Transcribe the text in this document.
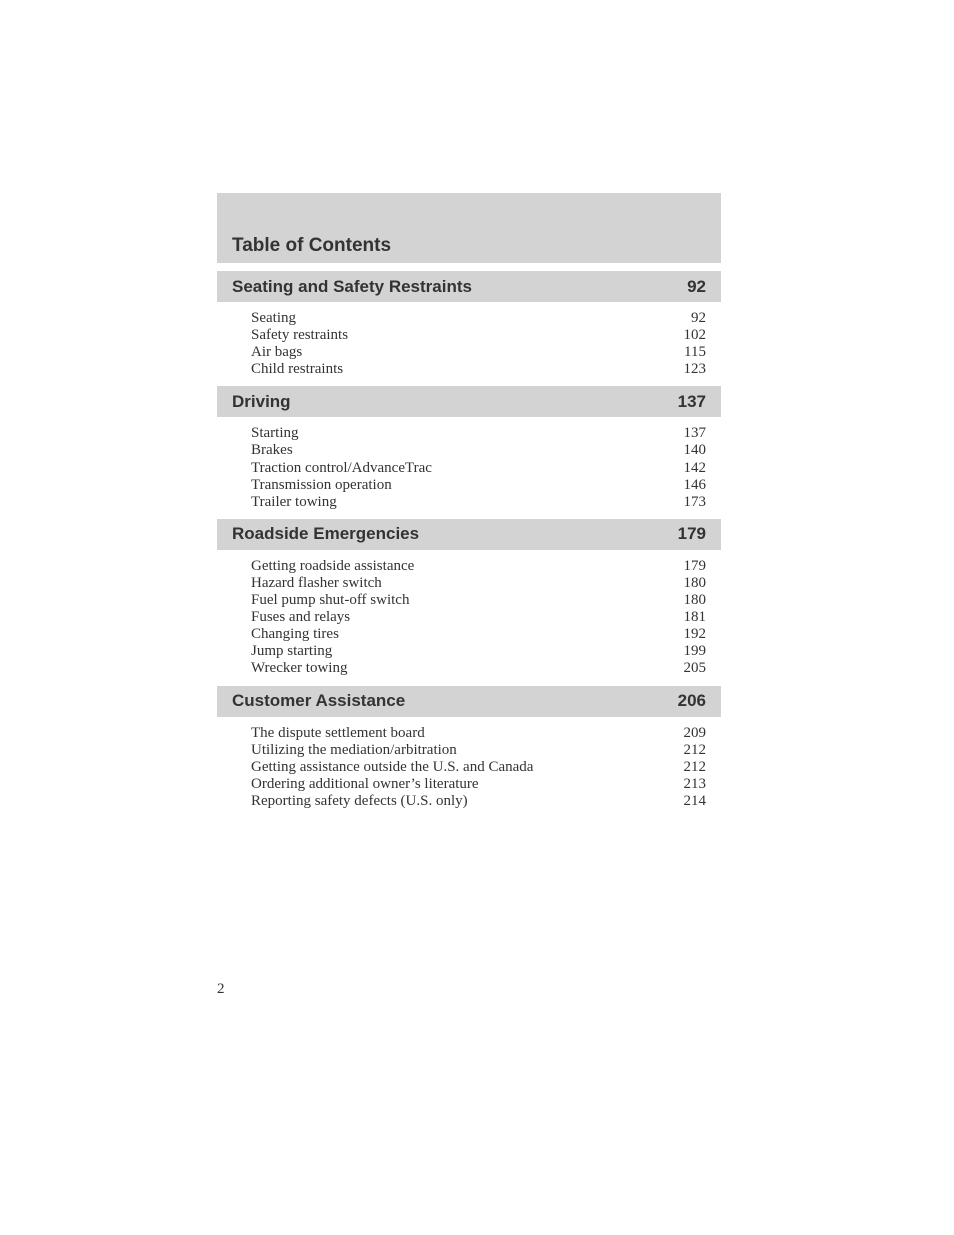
Table of Contents
Seating and Safety Restraints	92
Seating	92
Safety restraints	102
Air bags	115
Child restraints	123
Driving	137
Starting	137
Brakes	140
Traction control/AdvanceTrac	142
Transmission operation	146
Trailer towing	173
Roadside Emergencies	179
Getting roadside assistance	179
Hazard flasher switch	180
Fuel pump shut-off switch	180
Fuses and relays	181
Changing tires	192
Jump starting	199
Wrecker towing	205
Customer Assistance	206
The dispute settlement board	209
Utilizing the mediation/arbitration	212
Getting assistance outside the U.S. and Canada	212
Ordering additional owner’s literature	213
Reporting safety defects (U.S. only)	214
2
